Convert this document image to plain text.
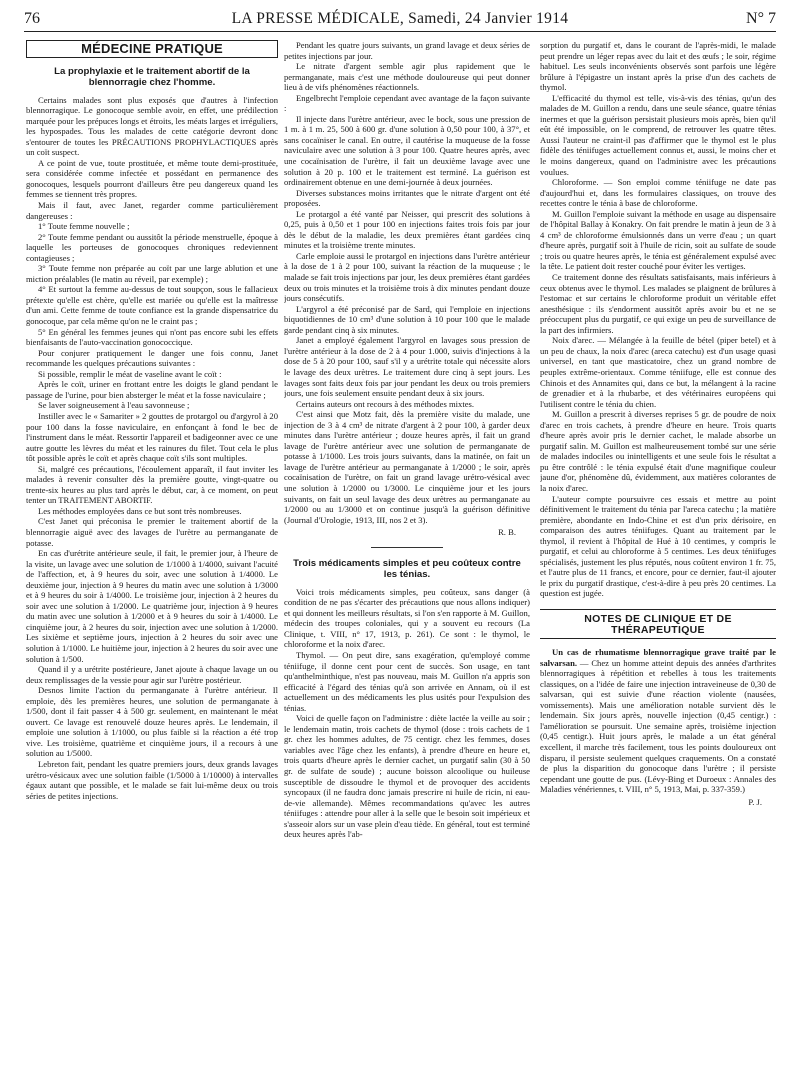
76	LA PRESSE MÉDICALE, Samedi, 24 Janvier 1914	N° 7
MÉDECINE PRATIQUE
La prophylaxie et le traitement abortif de la blennorragie chez l'homme.

Certains malades sont plus exposés que d'autres à l'infection blennorragique. Le gonocoque semble avoir, en effet, une prédilection marquée pour les prépuces longs et étroits, les méats larges et irréguliers, les hypospades. Tous les malades de cette catégorie devront donc s'entourer de toutes les PRÉCAUTIONS PROPHYLACTIQUES après un coït suspect.

A ce point de vue, toute prostituée, et même toute demi-prostituée, sera considérée comme infectée et possédant en permanence des gonocoques, lesquels pourront d'ailleurs être peu dangereux quand les femmes se tiennent très propres.

Mais il faut, avec Janet, regarder comme particulièrement dangereuses :

1° Toute femme nouvelle ;

2° Toute femme pendant ou aussitôt la période menstruelle, époque à laquelle les porteuses de gonocoques chroniques redeviennent contagieuses ;

3° Toute femme non préparée au coït par une large ablution et une miction préalables (le matin au réveil, par exemple) ;

4° Et surtout la femme au-dessus de tout soupçon, sous le fallacieux prétexte qu'elle est chère, qu'elle est mariée ou qu'elle est la maîtresse d'un ami. Cette femme de toute confiance est la grande dispensatrice du gonocoque, par cela même qu'on ne le craint pas ;

5° En général les femmes jeunes qui n'ont pas encore subi les effets bienfaisants de l'auto-vaccination gonococcique.

Pour conjurer pratiquement le danger une fois connu, Janet recommande les quelques précautions suivantes :

Si possible, remplir le méat de vaseline avant le coït :

Après le coït, uriner en frottant entre les doigts le gland pendant le passage de l'urine, pour bien absterger le méat et la fosse naviculaire ;

Se laver soigneusement à l'eau savonneuse ;

Instiller avec le « Samariter » 2 gouttes de protargol ou d'argyrol à 20 pour 100 dans la fosse naviculaire, en enfonçant à fond le bec de l'instrument dans le méat. Ressortir l'appareil et badigeonner avec ce une autre goutte les lèvres du méat et les rainures du filet. Tout cela le plus tôt possible après le coït et après chaque coït s'ils sont multiples.

Si, malgré ces précautions, l'écoulement apparaît, il faut inviter les malades à revenir consulter dès la première goutte, vingt-quatre ou trente-six heures au plus tard après le début, car, à ce moment, on peut tenter un TRAITEMENT ABORTIF.

Les méthodes employées dans ce but sont très nombreuses.

C'est Janet qui préconisa le premier le traitement abortif de la blennorragie aiguë avec des lavages de l'urètre au permanganate de potasse.

En cas d'urétrite antérieure seule, il fait, le premier jour, à l'heure de la visite, un lavage avec une solution de 1/1000 à 1/4000, suivant l'acuité de l'affection, et, à 9 heures du soir, avec une solution à 1/4000. Le deuxième jour, injection à 9 heures du matin avec une solution à 1/3000 et à 9 heures du soir à 1/4000. Le troisième jour, injection à 2 heures du soir avec une solution à 1/2000. Le quatrième jour, injection à 9 heures du matin avec une solution à 1/2000 et à 9 heures du soir à 1/4000. Le cinquième jour, à 2 heures du soir, injection avec une solution à 1/2000. Les sixième et septième jours, injection à 2 heures du soir avec une solution à 1/1000. Le huitième jour, injection à 2 heures du soir avec une solution à 1/500.

Quand il y a urétrite postérieure, Janet ajoute à chaque lavage un ou deux remplissages de la vessie pour agir sur l'urètre postérieur.

Desnos limite l'action du permanganate à l'urètre antérieur. Il emploie, dès les premières heures, une solution de permanganate à 1/500, dont il fait passer 4 à 500 gr. seulement, en maintenant le méat ouvert. Ce lavage est renouvelé douze heures après. Le lendemain, il emploie une solution à 1/1000, ou plus faible si la réaction a été trop vive. Les troisième, quatrième et cinquième jours, il a recours à une solution au 1/5000.

Lebreton fait, pendant les quatre premiers jours, deux grands lavages urétro-vésicaux avec une solution faible (1/5000 à 1/10000) à intervalles égaux autant que possible, et le malade se fait lui-même deux ou trois séries de petites injections.

Pendant les quatre jours suivants, un grand lavage et deux séries de petites injections par jour.

Le nitrate d'argent semble agir plus rapidement que le permanganate, mais c'est une méthode douloureuse qui peut donner lieu à de vifs phénomènes réactionnels.

Engelbrecht l'emploie cependant avec avantage de la façon suivante :

Il injecte dans l'urètre antérieur, avec le bock, sous une pression de 1 m. à 1 m. 25, 500 à 600 gr. d'une solution à 0,50 pour 100, à 37°, et sans cocaïniser le canal. En outre, il cautérise la muqueuse de la fosse naviculaire avec une solution à 3 pour 100. Quatre heures après, avec une cocaïnisation de l'urètre, il fait un deuxième lavage avec une solution à 20 p. 100 et le traitement est terminé. La guérison est ordinairement obtenue en une demi-journée à deux journées.

Diverses substances moins irritantes que le nitrate d'argent ont été proposées.

Le protargol a été vanté par Neisser, qui prescrit des solutions à 0,25, puis à 0,50 et 1 pour 100 en injections faites trois fois par jour dès le début de la maladie, les deux premières étant gardées cinq minutes et la troisième trente minutes.

Carle emploie aussi le protargol en injections dans l'urètre antérieur à la dose de 1 à 2 pour 100, suivant la réaction de la muqueuse ; le malade se fait trois injections par jour, les deux premières étant gardées deux ou trois minutes et la troisième trois à dix minutes pendant douze jours consécutifs.

L'argyrol a été préconisé par de Sard, qui l'emploie en injections biquotidiennes de 10 cm³ d'une solution à 10 pour 100 que le malade garde pendant cinq à six minutes.

Janet a employé également l'argyrol en lavages sous pression de l'urètre antérieur à la dose de 2 à 4 pour 1.000, suivis d'injections à la dose de 5 à 20 pour 100, sauf s'il y a urétrite totale qui nécessite alors le lavage des deux urètres. Le traitement dure cinq à sept jours. Les lavages sont faits deux fois par jour pendant les deux ou trois premiers jours, une fois seulement ensuite pendant deux à six jours.

Certains auteurs ont recours à des méthodes mixtes.

C'est ainsi que Motz fait, dès la première visite du malade, une injection de 3 à 4 cm³ de nitrate d'argent à 2 pour 100, à garder deux minutes dans l'urètre antérieur ; douze heures après, il fait un grand lavage de l'urètre antérieur avec une solution de permanganate de potasse à 1/1000. Les trois jours suivants, dans la matinée, on fait un lavage de l'urètre antérieur au permanganate à 1/2000 ; le soir, après cocaïnisation de l'urètre, on fait un grand lavage urétro-vésical avec une solution à 1/2000 ou 1/3000. Le cinquième jour et les jours suivants, on fait un seul lavage des deux urètres au permanganate au 1/2000 ou au 1/3000 et on continue jusqu'à la guérison définitive (Journal d'Urologie, 1913, III, nos 2 et 3).

R. B.
Trois médicaments simples et peu coûteux contre les ténias.

Voici trois médicaments simples, peu coûteux, sans danger (à condition de ne pas s'écarter des précautions que nous allons indiquer) et qui donnent les meilleurs résultats, si l'on s'en rapporte à M. Guillon, médecin des troupes coloniales, qui y a souvent eu recours (La Clinique, t. VIII, n° 17, 1913, p. 261). Ce sont : le thymol, le chloroforme et la noix d'arec.

Thymol. — On peut dire, sans exagération, qu'employé comme téniifuge, il donne cent pour cent de succès. Son usage, en tant qu'anthelminthique, n'est pas nouveau, mais M. Guillon n'a appris son efficacité à l'égard des ténias qu'à son arrivée en Annam, où il est actuellement un des médicaments les plus usités pour l'expulsion des ténias.

Voici de quelle façon on l'administre : diète lactée la veille au soir ; le lendemain matin, trois cachets de thymol (dose : trois cachets de 1 gr. chez les hommes adultes, de 75 centigr. chez les femmes, doses variables avec l'âge chez les enfants), à prendre d'heure en heure et, trois quarts d'heure après le dernier cachet, un purgatif salin (30 à 50 gr. de sulfate de soude) ; aucune boisson alcoolique ou huileuse susceptible de dissoudre le thymol et de provoquer des accidents syncopaux (il ne faudra donc jamais prescrire ni huile de ricin, ni eau-de-vie allemande). Mêmes recommandations qu'avec les autres téniifuges : attendre pour aller à la selle que le besoin soit impérieux et s'asseoir alors sur un vase plein d'eau tiède. En général, tout est terminé deux heures après l'ab-

sorption du purgatif et, dans le courant de l'après-midi, le malade peut prendre un léger repas avec du lait et des œufs ; le soir, régime habituel. Les seuls inconvénients observés sont parfois une légère brûlure à l'épigastre un instant après la prise d'un des cachets de thymol.

L'efficacité du thymol est telle, vis-à-vis des ténias, qu'un des malades de M. Guillon a rendu, dans une seule séance, quatre ténias inermes et que la guérison persistait plusieurs mois après, bien qu'il eût été impossible, on le comprend, de retrouver les quatre têtes. Aussi l'auteur ne craint-il pas d'affirmer que le thymol est le plus fidèle des téniifuges actuellement connus et, aussi, le moins cher et le moins dangereux, quand on l'administre avec les précautions voulues.

Chloroforme. — Son emploi comme téniifuge ne date pas d'aujourd'hui et, dans les formulaires classiques, on trouve des recettes contre le ténia à base de chloroforme.

M. Guillon l'emploie suivant la méthode en usage au dispensaire de l'hôpital Ballay à Konakry. On fait prendre le matin à jeun de 3 à 4 cm³ de chloroforme émulsionnés dans un verre d'eau ; un quart d'heure après, purgatif soit à l'huile de ricin, soit au sulfate de soude ; trois ou quatre heures après, le ténia est généralement expulsé avec la tête. Le patient doit rester couché pour éviter les vertiges.

Ce traitement donne des résultats satisfaisants, mais inférieurs à ceux obtenus avec le thymol. Les malades se plaignent de brûlures à l'estomac et sur certains le chloroforme produit un véritable effet anesthésique : ils s'endorment aussitôt après avoir bu et ne se préoccupent plus du purgatif, ce qui exige un peu de surveillance de la part des infirmiers.

Noix d'arec. — Mélangée à la feuille de bétel (piper betel) et à un peu de chaux, la noix d'arec (areca catechu) est d'un usage quasi universel, en tant que masticatoire, chez un grand nombre de peuples extrême-orientaux. Comme téniifuge, elle est connue des Chinois et des Annamites qui, dans ce but, la mélangent à la racine de grenadier et à la rhubarbe, et des vétérinaires européens qui l'utilisent contre le ténia du chien.

M. Guillon a prescrit à diverses reprises 5 gr. de poudre de noix d'arec en trois cachets, à prendre d'heure en heure. Trois quarts d'heure après avoir pris le dernier cachet, le malade absorbe un purgatif salin. M. Guillon est malheureusement tombé sur une série de malades indociles ou inintelligents et une seule fois le résultat a pu être contrôlé : le ténia expulsé était d'une magnifique couleur jaune d'or, phénomène dû, évidemment, aux matières colorantes de la noix d'arec.

L'auteur compte poursuivre ces essais et mettre au point définitivement le traitement du ténia par l'areca catechu ; la matière première, abondante en Indo-Chine et est d'un prix dérisoire, en comparaison des autres téniifuges. Quant au traitement par le thymol, il revient à l'hôpital de Hué à 10 centimes, y compris le purgatif, et celui au chloroforme à 5 centimes. Les deux téniifuges spécialisés, justement les plus réputés, nous coûtent environ 1 fr. 75, et l'autre plus de 11 francs, et encore, pour ce dernier, faut-il ajouter le prix du purgatif drastique, c'est-à-dire à peu près 20 centimes. La question est jugée.

NOTES DE CLINIQUE ET DE THÉRAPEUTIQUE

Un cas de rhumatisme blennorragique grave traité par le salvarsan. — Chez un homme atteint depuis des années d'arthrites blennorragiques à répétition et rebelles à tous les traitements classiques, on a l'idée de faire une injection intraveineuse de 0,30 de salvarsan, qui est suivie d'une réaction violente (nausées, vomissements). Mais une amélioration notable survient dès le lendemain. Six jours après, nouvelle injection (0,45 centigr.) : l'amélioration se poursuit. Une semaine après, troisième injection (0,45 centigr.). Huit jours après, le malade a un état général excellent, il marche très facilement, tous les points douloureux ont disparu, il persiste seulement quelques craquements. On a constaté de plus la disparition du gonocoque dans l'urètre ; il persiste cependant une goutte de pus. (Lévy-Bing et Duroeux : Annales des Maladies vénériennes, t. VIII, n° 5, 1913, Mai, p. 337-359.)

P. J.
